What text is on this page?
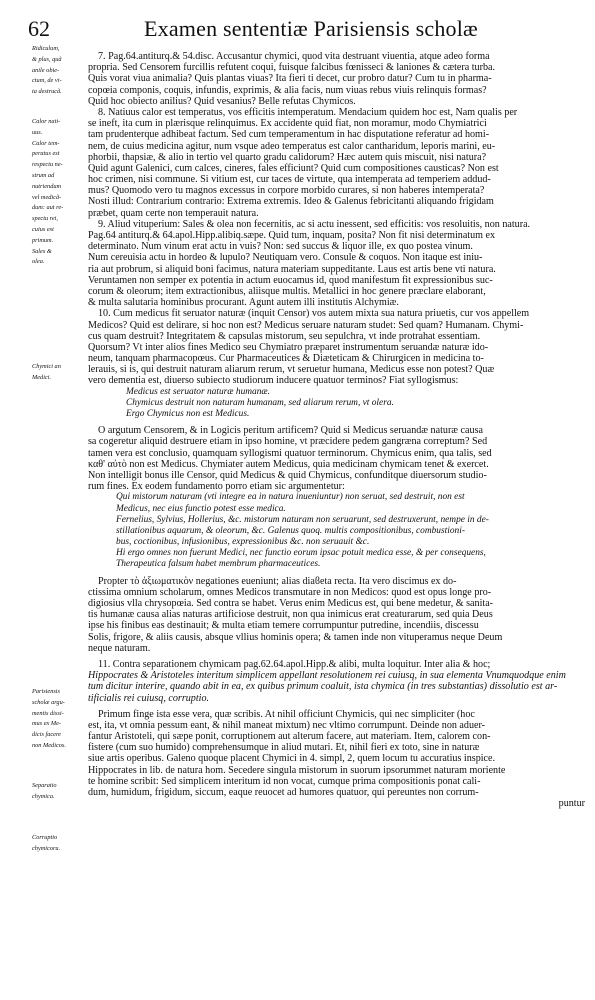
62	Examen sententiæ Parisiensis scholæ
Ridiculum,
& plus, quã
anile obie-
ctum, de vi-
ta destrucã.
Calor nati-
uus.
Calor tem-
peratus est
respectu ne-
strum ad
nutriendum
vel medicã-
dum: aut re-
spectu rei,
cuius est
primum.
Sales &
olea.
Chymici an
Medici.
Parisiensis
scholæ argu-
mentis dissi-
mus ex Me-
dicis facere
non Medicos.
Separatio
chymica.
Corruptio
chymicoru.
7. Pag.64.antiturq.& 54.disc. Accusantur chymici, quod vita destruant viuentia, atque adeo forma
propria. Sed Censorem furcillis refutent coqui, fuisque falcibus fœnisseci & laniones & cætera turba.
Quis vorat viua animalia? Quis plantas viuas? Ita fieri ti decet, cur probro datur? Cum tu in pharma-
copœia componis, coquis, infundis, exprimis, & alia facis, num viuas rebus viuis relinquis formas?
Quid hoc obiecto anilius? Quid vesanius? Belle refutas Chymicos.
8. Natiuus calor est temperatus, vos efficitis intemperatum. Mendacium quidem hoc est, Nam qualis per
se ineft, ita cum in plærisque relinquimus. Ex accidente quid fiat, non moramur, modo Chymiatrici
tam prudenterque adhibeat factum. Sed cum temperamentum in hac disputatione referatur ad homi-
nem, de cuius medicina agitur, num vsque adeo temperatus est calor cantharidum, leporis marini, eu-
phorbii, thapsiæ, & alio in tertio vel quarto gradu calidorum? Hæc autem quis miscuit, nisi natura?
Quid agunt Galenici, cum calces, cineres, fales efficiunt? Quid cum compositiones causticas? Non est
hoc crimen, nisi commune. Si vitium est, cur taces de virtute, qua intemperata ad temperiem addud-
mus? Quomodo vero tu magnos excessus in corpore morbido curares, si non haberes intemperata?
Nosti illud: Contrarium contrario: Extrema extremis. Ideo & Galenus febricitanti aliquando frigidam
præbet, quam certe non temperauit natura.
9. Aliud vituperium: Sales & olea non fecernitis, ac si actu inessent, sed efficitis: vos resoluitis, non natura.
Pag.64 antiturq.& 64.apol.Hipp.alibiq.sæpe. Quid tum, inquam, posita? Non fit nisi determinatum ex
determinato. Num vinum erat actu in vuis? Non: sed succus & liquor ille, ex quo postea vinum.
Num cereuisia actu in hordeo & lupulo? Neutiquam vero. Consule & coquos. Non itaque est iniu-
ria aut probrum, si aliquid boni facimus, natura materiam suppeditante. Laus est artis bene vti natura.
Veruntamen non semper ex potentia in actum euocamus id, quod manifestum fit expressionibus suc-
corum & oleorum; item extractionibus, aliisque multis. Metallici in hoc genere præclare elaborant,
& multa salutaria hominibus procurant. Agunt autem illi institutis Alchymiæ.
10. Cum medicus fit seruator naturæ (inquit Censor) vos autem mixta sua natura priuetis, cur vos appellem
Medicos? Quid est delirare, si hoc non est? Medicus seruare naturam studet: Sed quam? Humanam. Chymi-
cus quam destruit? Integritatem & capsulas mistorum, seu sepulchra, vt inde protrahat essentiam.
Quorsum? Vt inter alios fines Medico seu Chymiatro præparet instrumentum seruandæ naturæ ido-
neum, tanquam pharmacopœus. Cur Pharmaceutices & Diæteticam & Chirurgicen in medicina to-
lerauis, si is, qui destruit naturam aliarum rerum, vt seruetur humana, Medicus esse non potest? Quæ
vero dementia est, diuerso subiecto studiorum inducere quatuor terminos? Fiat syllogismus:
Medicus est seruator naturæ humanæ.
Chymicus destruit non naturam humanam, sed aliarum rerum, vt olera.
Ergo Chymicus non est Medicus.
O argutum Censorem, & in Logicis peritum artificem? Quid si Medicus seruandæ naturæ causa
sa cogeretur aliquid destruere etiam in ipso homine, vt præcidere pedem gangræna correptum? Sed
tamen vera est conclusio, quamquam syllogismi quatuor terminorum. Chymicus enim, qua talis, sed
καθ' αὐτὸ non est Medicus. Chymiater autem Medicus, quia medicinam chymicam tenet & exercet.
Non intelligit bonus ille Censor, quid Medicus & quid Chymicus, confunditque diuersorum studio-
rum fines. Ex eodem fundamento porro etiam sic argumentetur:
Qui mistorum naturam (vti integre ea in natura inueniuntur) non seruat, sed destruit, non est
Medicus, nec eius functio potest esse medica.
Fernelius, Sylvius, Hollerius, &c. mistorum naturam non seruarunt, sed destruxerunt, nempe in de-
stillationibus aquarum, & oleorum, &c. Galenus quoq. multis compositionibus, combustioni-
bus, coctionibus, infusionibus, expressionibus &c. non seruauit &c.
Hi ergo omnes non fuerunt Medici, nec functio eorum ipsac potuit medica esse, & per consequens,
Therapeutica falsum habet membrum pharmaceutices.
Propter τὸ ἀξιωματικὸν negationes eueniunt; alias diaϐeta recta. Ita vero discimus ex do-
ctissima omnium scholarum, omnes Medicos transmutare in non Medicos: quod est opus longe pro-
digiosius vlla chrysopœia. Sed contra se habet. Verus enim Medicus est, qui bene medetur, & sanita-
tis humanæ causa alias naturas artificiose destruit, non qua inimicus erat creaturarum, sed quia Deus
ipse his finibus eas destinauit; & multa etiam temere corrumpuntur putredine, incendiis, discessu
Solis, frigore, & aliis causis, absque vllius hominis opera; & tamen inde non vituperamus neque Deum
neque naturam.
11. Contra separationem chymicam pag.62.64.apol.Hipp.& alibi, multa loquitur. Inter alia & hoc;
Hippocrates & Aristoteles interitum simplicem appellant resolutionem rei cuiusq, in sua elementa Vnumquodque enim
tum dicitur interire, quando abit in ea, ex quibus primum coaluit, ista chymica (in tres substantias) dissolutio est ar-
tificialis rei cuiusq, corruptio.
Primum finge ista esse vera, quæ scribis. At nihil officiunt Chymicis, qui nec simpliciter (hoc
est, ita, vt omnia pessum eant, & nihil maneat mixtum) nec vltimo corrumpunt. Deinde non aduer-
fantur Aristoteli, qui sæpe ponit, corruptionem aut alterum facere, aut materiam. Item, calorem con-
fistere (cum suo humido) comprehensumque in aliud mutari. Et, nihil fieri ex toto, sine in naturæ
siue artis operibus. Galeno quoque placent Chymici in 4. simpl, 2, quem locum tu accuratius inspice.
Hippocrates in lib. de natura hom. Secedere singula mistorum in suorum ipsorummet naturam moriente
te homine scribit: Sed simplicem interitum id non vocat, cumque prima compositionis ponat cali-
dum, humidum, frigidum, siccum, eaque reuocet ad humores quatuor, qui pereuntes non corrum-
puntur
